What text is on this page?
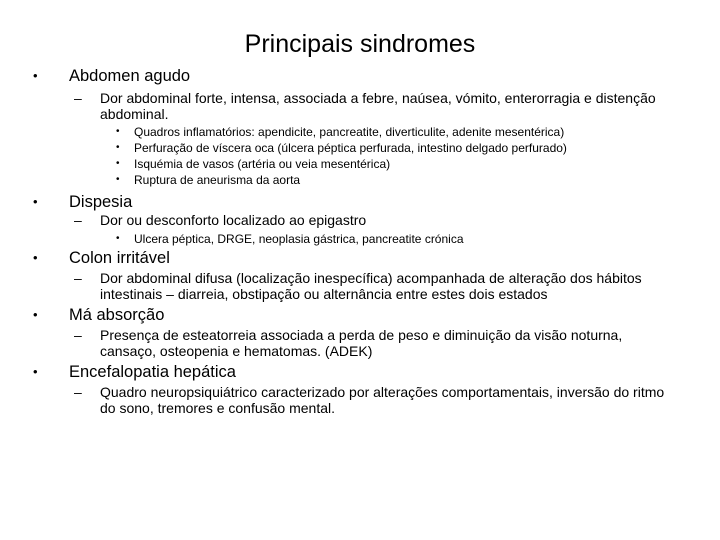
Principais sindromes
• Abdomen agudo
– Dor abdominal forte, intensa, associada a febre, naúsea, vómito, enterorragia e distenção abdominal.
• Quadros inflamatórios: apendicite, pancreatite, diverticulite, adenite mesentérica)
• Perfuração de víscera oca (úlcera péptica perfurada, intestino delgado perfurado)
• Isquémia de vasos (artéria ou veia mesentérica)
• Ruptura de aneurisma da aorta
• Dispesia
– Dor ou desconforto localizado ao epigastro
• Ulcera péptica, DRGE, neoplasia gástrica, pancreatite crónica
• Colon irritável
– Dor abdominal difusa (localização inespecífica) acompanhada de alteração dos hábitos intestinais – diarreia, obstipação ou alternância entre estes dois estados
• Má absorção
– Presença de esteatorreia associada a perda de peso e diminuição da visão noturna, cansaço, osteopenia e hematomas. (ADEK)
• Encefalopatia hepática
– Quadro neuropsiquiátrico caracterizado por alterações comportamentais, inversão do ritmo do sono, tremores e confusão mental.
